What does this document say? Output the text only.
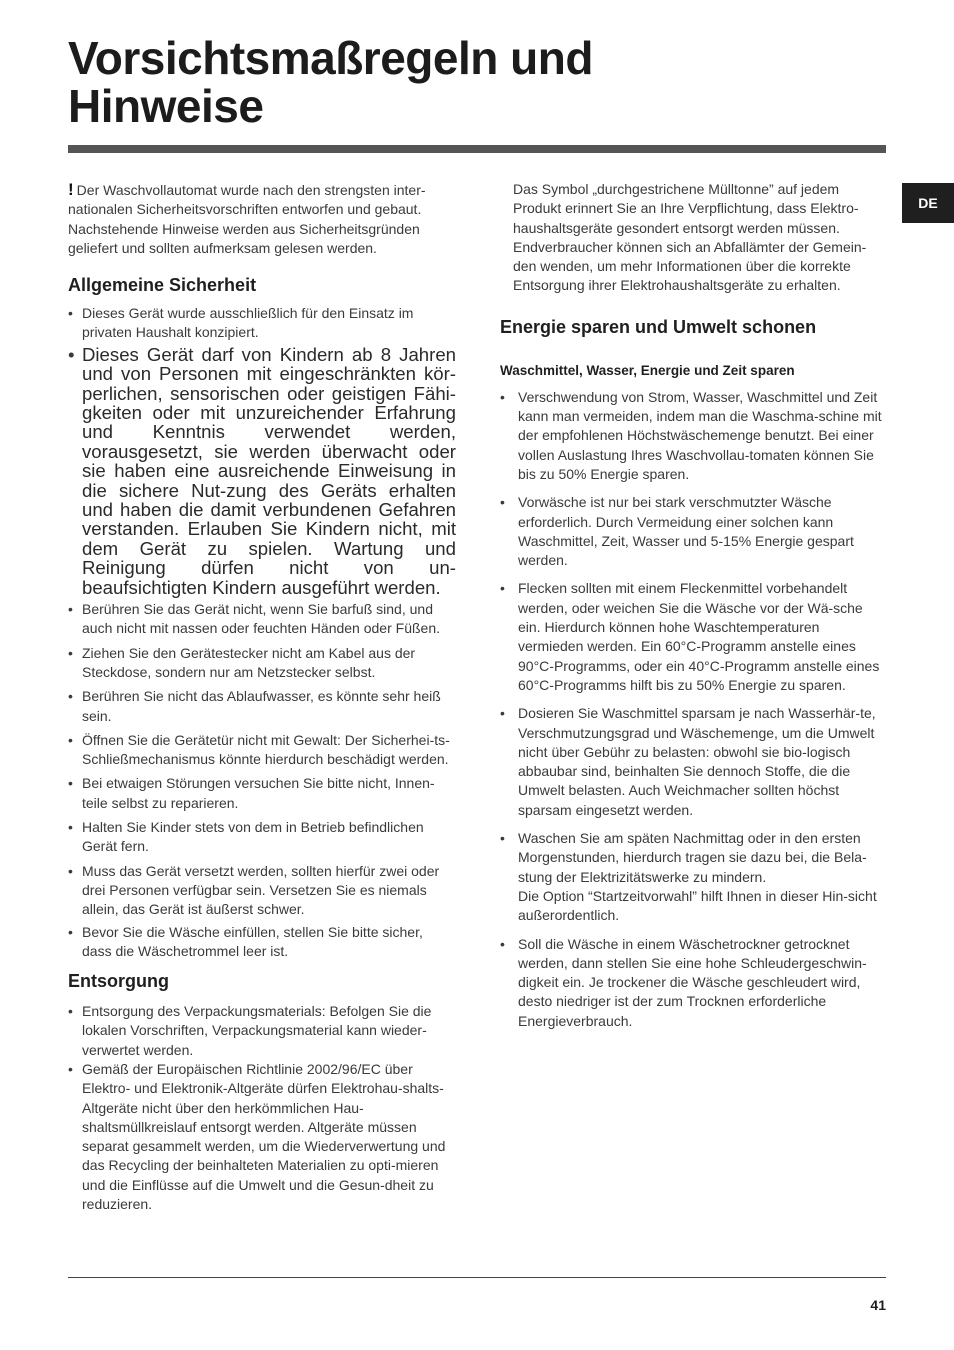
Vorsichtsmaßregeln und
Hinweise
DE

! Der Waschvollautomat wurde nach den strengsten inter-nationalen Sicherheitsvorschriften entworfen und gebaut. Nachstehende Hinweise werden aus Sicherheitsgründen geliefert und sollten aufmerksam gelesen werden.

Allgemeine Sicherheit
• Dieses Gerät wurde ausschließlich für den Einsatz im privaten Haushalt konzipiert.
• Dieses Gerät darf von Kindern ab 8 Jahren und von Personen mit eingeschränkten kör-perlichen, sensorischen oder geistigen Fähi-gkeiten oder mit unzureichender Erfahrung und Kenntnis verwendet werden, vorausgesetzt, sie werden überwacht oder sie haben eine ausreichende Einweisung in die sichere Nut-zung des Geräts erhalten und haben die damit verbundenen Gefahren verstanden. Erlauben Sie Kindern nicht, mit dem Gerät zu spielen. Wartung und Reinigung dürfen nicht von un-beaufsichtigten Kindern ausgeführt werden.
• Berühren Sie das Gerät nicht, wenn Sie barfuß sind, und auch nicht mit nassen oder feuchten Händen oder Füßen.
• Ziehen Sie den Gerätestecker nicht am Kabel aus der Steckdose, sondern nur am Netzstecker selbst.
• Berühren Sie nicht das Ablaufwasser, es könnte sehr heiß sein.
• Öffnen Sie die Gerätetür nicht mit Gewalt: Der Sicherhei-ts-Schließmechanismus könnte hierdurch beschädigt werden.
• Bei etwaigen Störungen versuchen Sie bitte nicht, Innen-teile selbst zu reparieren.
• Halten Sie Kinder stets von dem in Betrieb befindlichen Gerät fern.
• Muss das Gerät versetzt werden, sollten hierfür zwei oder drei Personen verfügbar sein. Versetzen Sie es niemals allein, das Gerät ist äußerst schwer.
• Bevor Sie die Wäsche einfüllen, stellen Sie bitte sicher, dass die Wäschetrommel leer ist.
Entsorgung
• Entsorgung des Verpackungsmaterials: Befolgen Sie die lokalen Vorschriften, Verpackungsmaterial kann wieder-verwertet werden.
• Gemäß der Europäischen Richtlinie 2002/96/EC über Elektro- und Elektronik-Altgeräte dürfen Elektrohau-shalts-Altgeräte nicht über den herkömmlichen Hau-shaltsmüllkreislauf entsorgt werden. Altgeräte müssen separat gesammelt werden, um die Wiederverwertung und das Recycling der beinhalteten Materialien zu opti-mieren und die Einflüsse auf die Umwelt und die Gesun-dheit zu reduzieren.

Das Symbol „durchgestrichene Mülltonne” auf jedem Produkt erinnert Sie an Ihre Verpflichtung, dass Elektro-haushaltsgeräte gesondert entsorgt werden müssen. Endverbraucher können sich an Abfallämter der Gemein-den wenden, um mehr Informationen über die korrekte Entsorgung ihrer Elektrohaushaltsgeräte zu erhalten.

Energie sparen und Umwelt schonen
Waschmittel, Wasser, Energie und Zeit sparen
• Verschwendung von Strom, Wasser, Waschmittel und Zeit kann man vermeiden, indem man die Waschma-schine mit der empfohlenen Höchstwäschemenge benutzt. Bei einer vollen Auslastung Ihres Waschvollau-tomaten können Sie bis zu 50% Energie sparen.
• Vorwäsche ist nur bei stark verschmutzter Wäsche erforderlich. Durch Vermeidung einer solchen kann Waschmittel, Zeit, Wasser und 5-15% Energie gespart werden.
• Flecken sollten mit einem Fleckenmittel vorbehandelt werden, oder weichen Sie die Wäsche vor der Wä-sche ein. Hierdurch können hohe Waschtemperaturen vermieden werden. Ein 60°C-Programm anstelle eines 90°C-Programms, oder ein 40°C-Programm anstelle eines 60°C-Programms hilft bis zu 50% Energie zu sparen.
• Dosieren Sie Waschmittel sparsam je nach Wasserhär-te, Verschmutzungsgrad und Wäschemenge, um die Umwelt nicht über Gebühr zu belasten: obwohl sie bio-logisch abbaubar sind, beinhalten Sie dennoch Stoffe, die die Umwelt belasten. Auch Weichmacher sollten höchst sparsam eingesetzt werden.
• Waschen Sie am späten Nachmittag oder in den ersten Morgenstunden, hierdurch tragen sie dazu bei, die Bela-stung der Elektrizitätswerke zu mindern.
Die Option “Startzeitvorwahl” hilft Ihnen in dieser Hin-sicht außerordentlich.
• Soll die Wäsche in einem Wäschetrockner getrocknet werden, dann stellen Sie eine hohe Schleudergeschwin-digkeit ein. Je trockener die Wäsche geschleudert wird, desto niedriger ist der zum Trocknen erforderliche Energieverbrauch.
41
